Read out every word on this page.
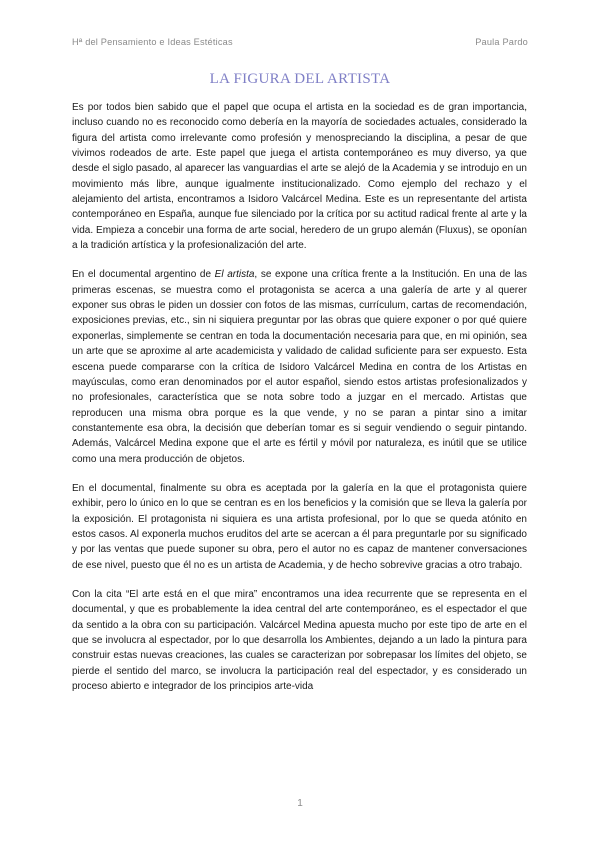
Hª del Pensamiento e Ideas Estéticas	Paula Pardo
LA FIGURA DEL ARTISTA

Es por todos bien sabido que el papel que ocupa el artista en la sociedad es de gran importancia, incluso cuando no es reconocido como debería en la mayoría de sociedades actuales, considerado la figura del artista como irrelevante como profesión y menospreciando la disciplina, a pesar de que vivimos rodeados de arte. Este papel que juega el artista contemporáneo es muy diverso, ya que desde el siglo pasado, al aparecer las vanguardias el arte se alejó de la Academia y se introdujo en un movimiento más libre, aunque igualmente institucionalizado. Como ejemplo del rechazo y el alejamiento del artista, encontramos a Isidoro Valcárcel Medina. Este es un representante del artista contemporáneo en España, aunque fue silenciado por la crítica por su actitud radical frente al arte y la vida. Empieza a concebir una forma de arte social, heredero de un grupo alemán (Fluxus), se oponían a la tradición artística y la profesionalización del arte.

En el documental argentino de El artista, se expone una crítica frente a la Institución. En una de las primeras escenas, se muestra como el protagonista se acerca a una galería de arte y al querer exponer sus obras le piden un dossier con fotos de las mismas, currículum, cartas de recomendación, exposiciones previas, etc., sin ni siquiera preguntar por las obras que quiere exponer o por qué quiere exponerlas, simplemente se centran en toda la documentación necesaria para que, en mi opinión, sea un arte que se aproxime al arte academicista y validado de calidad suficiente para ser expuesto. Esta escena puede compararse con la crítica de Isidoro Valcárcel Medina en contra de los Artistas en mayúsculas, como eran denominados por el autor español, siendo estos artistas profesionalizados y no profesionales, característica que se nota sobre todo a juzgar en el mercado. Artistas que reproducen una misma obra porque es la que vende, y no se paran a pintar sino a imitar constantemente esa obra, la decisión que deberían tomar es si seguir vendiendo o seguir pintando. Además, Valcárcel Medina expone que el arte es fértil y móvil por naturaleza, es inútil que se utilice como una mera producción de objetos.

En el documental, finalmente su obra es aceptada por la galería en la que el protagonista quiere exhibir, pero lo único en lo que se centran es en los beneficios y la comisión que se lleva la galería por la exposición. El protagonista ni siquiera es una artista profesional, por lo que se queda atónito en estos casos. Al exponerla muchos eruditos del arte se acercan a él para preguntarle por su significado y por las ventas que puede suponer su obra, pero el autor no es capaz de mantener conversaciones de ese nivel, puesto que él no es un artista de Academia, y de hecho sobrevive gracias a otro trabajo.

Con la cita “El arte está en el que mira” encontramos una idea recurrente que se representa en el documental, y que es probablemente la idea central del arte contemporáneo, es el espectador el que da sentido a la obra con su participación. Valcárcel Medina apuesta mucho por este tipo de arte en el que se involucra al espectador, por lo que desarrolla los Ambientes, dejando a un lado la pintura para construir estas nuevas creaciones, las cuales se caracterizan por sobrepasar los límites del objeto, se pierde el sentido del marco, se involucra la participación real del espectador, y es considerado un proceso abierto e integrador de los principios arte-vida

1
